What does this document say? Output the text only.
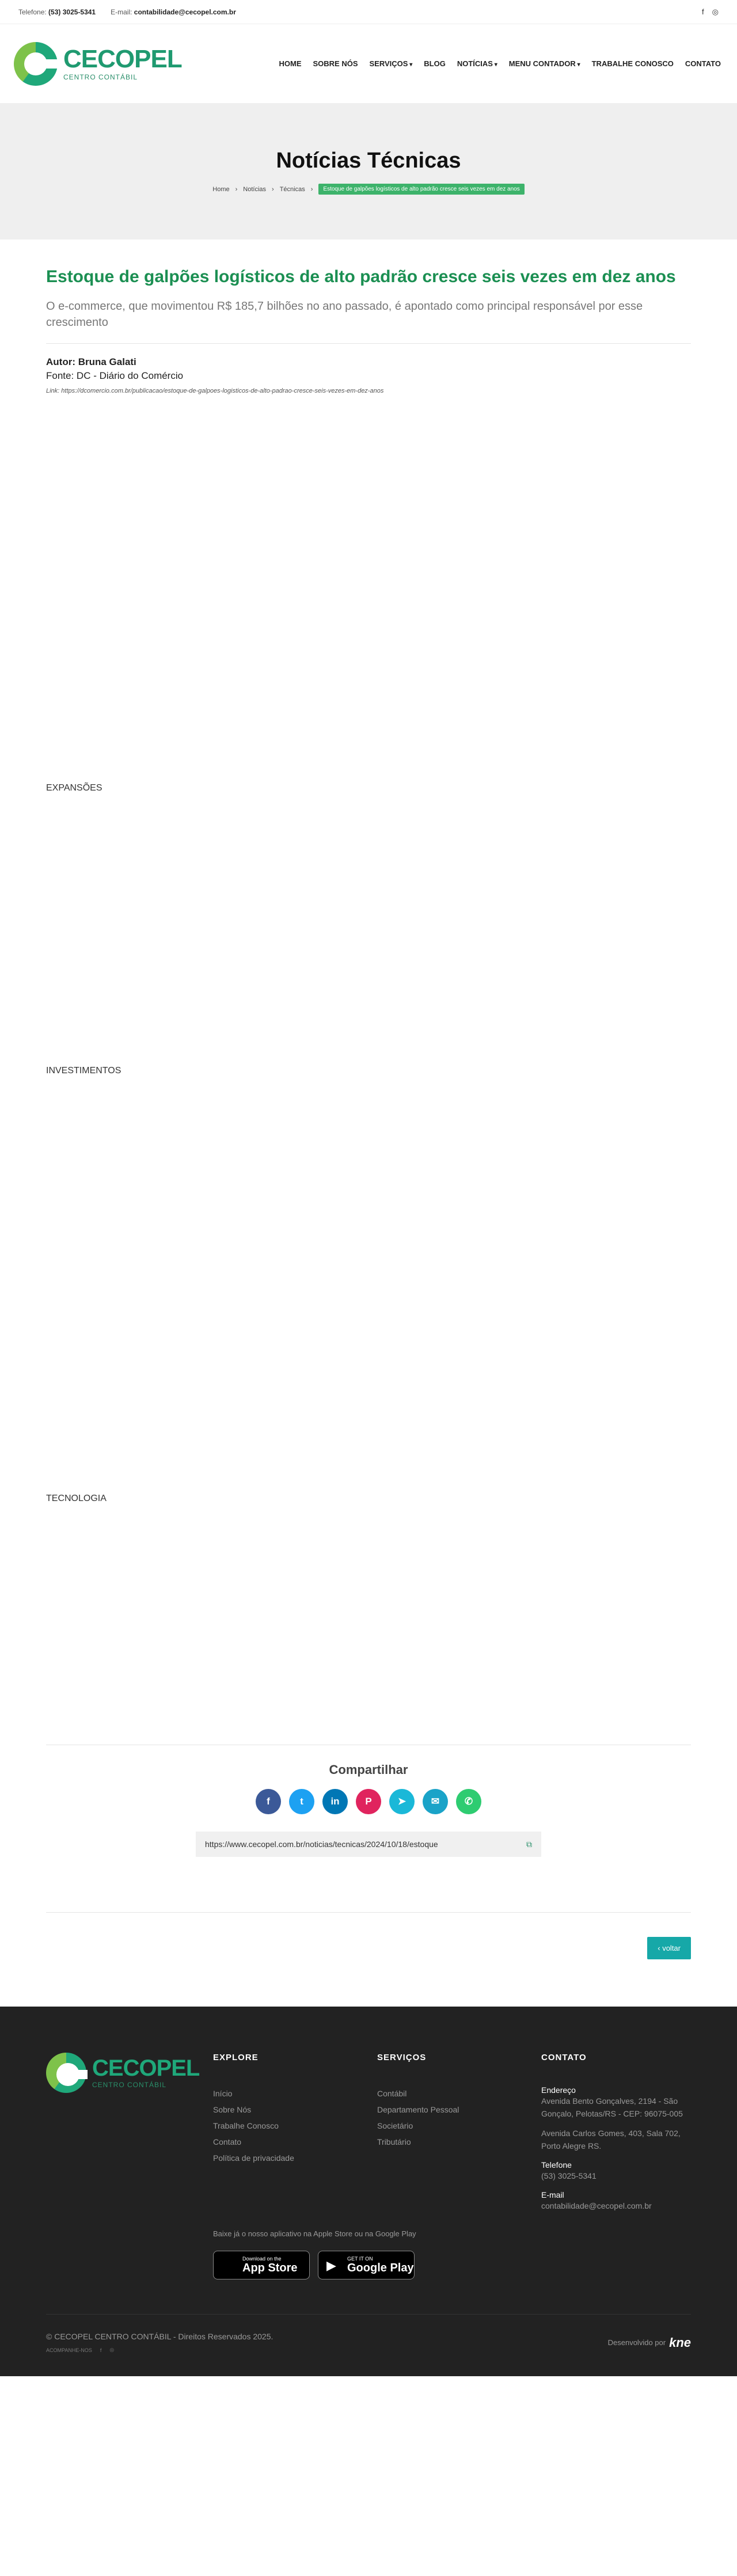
Telefone: (53) 3025-5341 E-mail: contabilidade@cecopel.com.br	f ◎
CECOPEL
CENTRO CONTÁBIL
HOME SOBRE NÓS SERVIÇOS ▾	BLOG NOTÍCIAS ▾	MENU CONTADOR ▾	TRABALHE CONOSCO CONTATO
Notícias Técnicas
Home › Notícias › Técnicas ›	Estoque de galpões logísticos de alto padrão cresce seis vezes em dez anos
Estoque de galpões logísticos de alto padrão cresce seis vezes em dez anos
O e-commerce, que movimentou R$ 185,7 bilhões no ano passado, é apontado como principal responsável por esse crescimento
Autor: Bruna Galati
Fonte: DC - Diário do Comércio
Link: https://dcomercio.com.br/publicacao/estoque-de-galpoes-logisticos-de-alto-padrao-cresce-seis-vezes-em-dez-anos

EXPANSÕES

INVESTIMENTOS

TECNOLOGIA

Compartilhar
f	t	in	P	➤	✉	✆
https://www.cecopel.com.br/noticias/tecnicas/2024/10/18/estoque	⧉
‹ voltar
CECOPEL
CENTRO CONTÁBIL
EXPLORE
Início
Sobre Nós
Trabalhe Conosco
Contato
Política de privacidade
SERVIÇOS
Contábil
Departamento Pessoal
Societário
Tributário
CONTATO
Endereço
Avenida Bento Gonçalves, 2194 - São Gonçalo, Pelotas/RS - CEP: 96075-005
Avenida Carlos Gomes, 403, Sala 702, Porto Alegre RS.
Telefone
(53) 3025-5341
E-mail
contabilidade@cecopel.com.br
Baixe já o nosso aplicativo na Apple Store ou na Google Play
Download on the
App Store	▶ GET IT ON
Google Play
© CECOPEL CENTRO CONTÁBIL - Direitos Reservados 2025.
ACOMPANHE-NOS f ◎
Desenvolvido por kne
